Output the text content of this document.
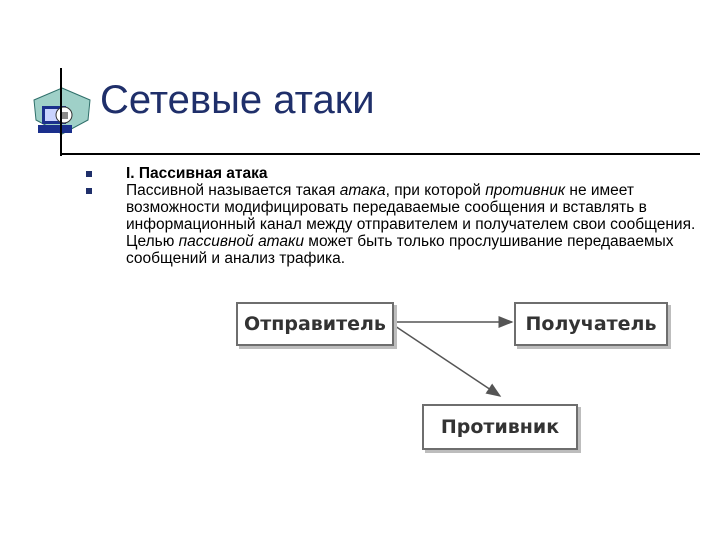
Сетевые атаки
I. Пассивная атака
Пассивной называется такая атака, при которой противник не имеет возможности модифицировать передаваемые сообщения и вставлять в информационный канал между отправителем и получателем свои сообщения. Целью пассивной атаки может быть только прослушивание передаваемых сообщений и анализ трафика.
Отправитель	Получатель
Противник
